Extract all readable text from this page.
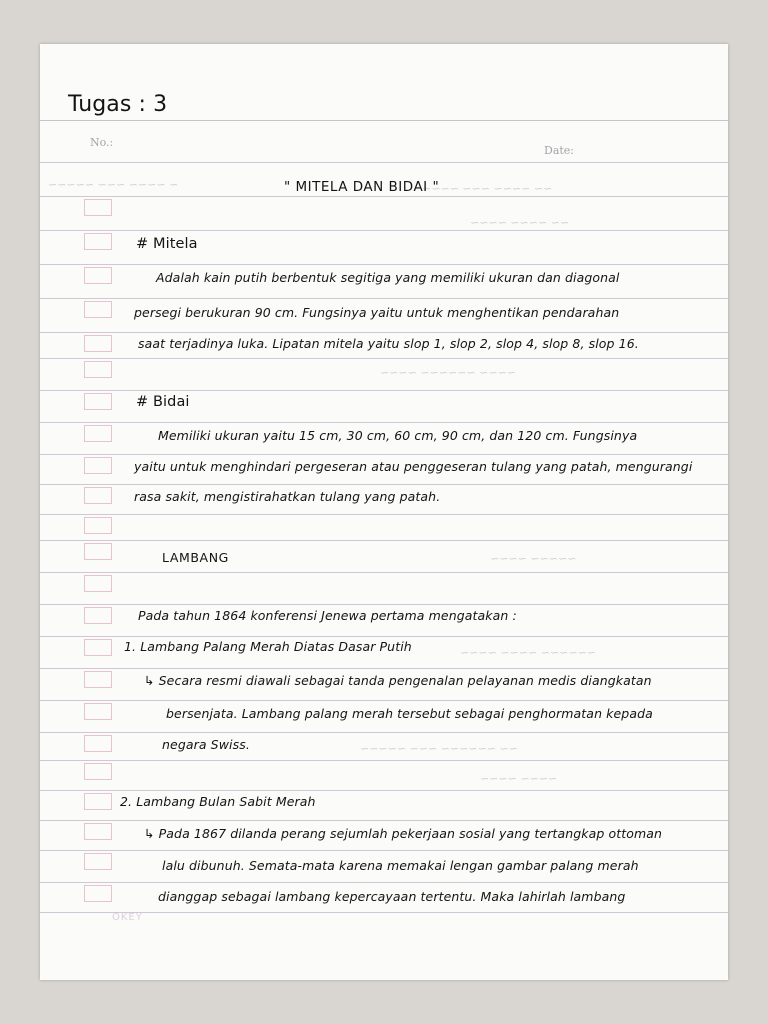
Tugas : 3
No.:
Date:
~ ~~~~ ~~~ ~~~~~	~~ ~~~~ ~~~ ~~~~
~~ ~~~~ ~~~~
~~~~ ~~~~~~ ~~~~
~~~~~ ~~~~
~~~~~~ ~~~~ ~~~~
~~ ~~~~~~ ~~~ ~~~~~
~~~~ ~~~~
" MITELA DAN BIDAI "
# Mitela
Adalah kain putih berbentuk segitiga yang memiliki ukuran dan diagonal
persegi berukuran 90 cm. Fungsinya yaitu untuk menghentikan pendarahan
saat terjadinya luka. Lipatan mitela yaitu slop 1, slop 2, slop 4, slop 8, slop 16.
# Bidai
Memiliki ukuran yaitu 15 cm, 30 cm, 60 cm, 90 cm, dan 120 cm. Fungsinya
yaitu untuk menghindari pergeseran atau penggeseran tulang yang patah, mengurangi
rasa sakit, mengistirahatkan tulang yang patah.
LAMBANG
Pada tahun 1864 konferensi Jenewa pertama mengatakan :
1. Lambang Palang Merah Diatas Dasar Putih
↳ Secara resmi diawali sebagai tanda pengenalan pelayanan medis diangkatan
bersenjata. Lambang palang merah tersebut sebagai penghormatan kepada
negara Swiss.
2. Lambang Bulan Sabit Merah
↳ Pada 1867 dilanda perang sejumlah pekerjaan sosial yang tertangkap ottoman
lalu dibunuh. Semata-mata karena memakai lengan gambar palang merah
dianggap sebagai lambang kepercayaan tertentu. Maka lahirlah lambang
OKEY
